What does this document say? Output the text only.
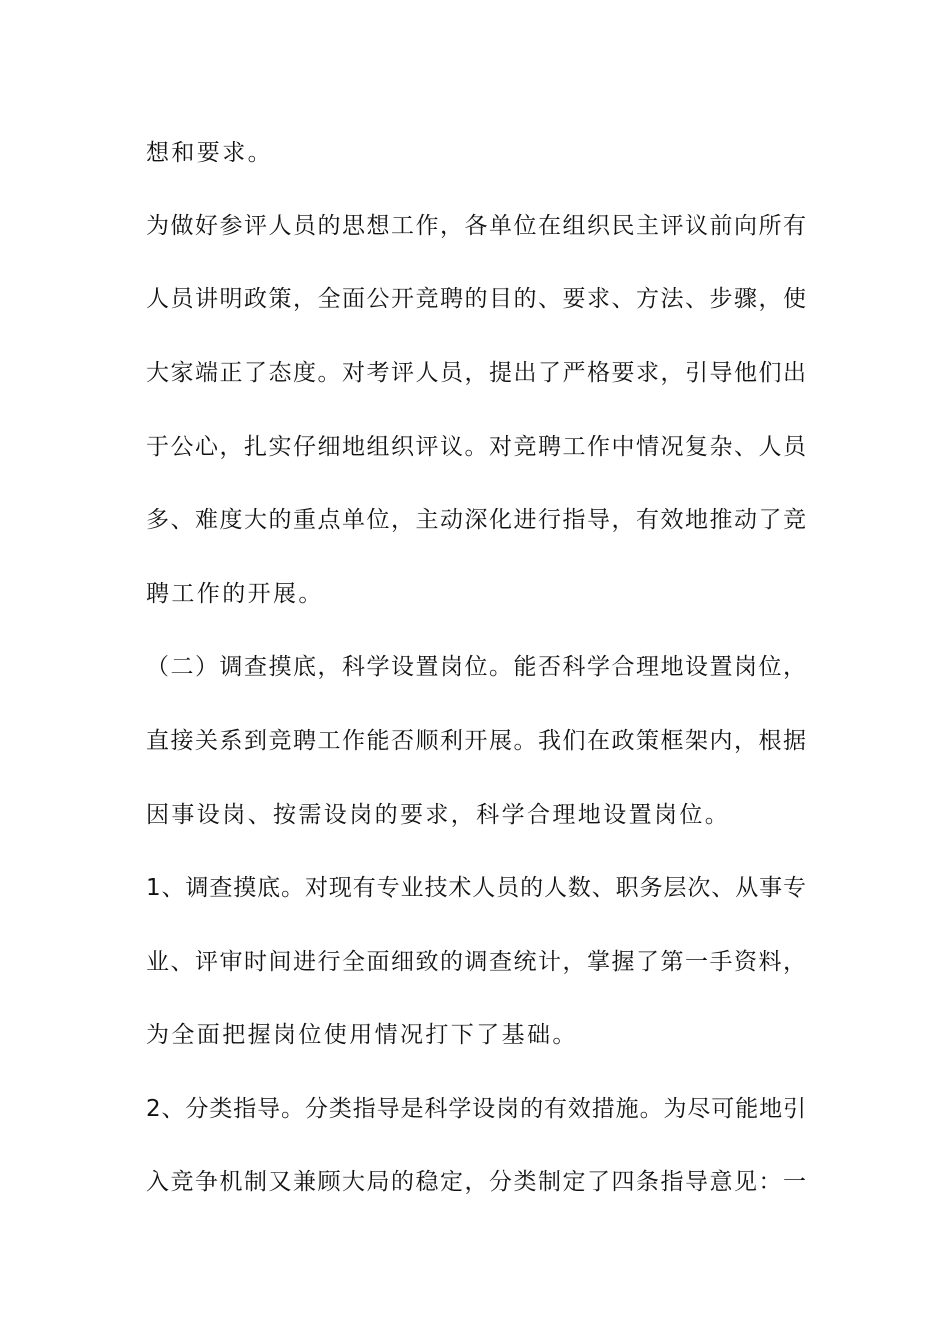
想和要求。
为做好参评人员的思想工作，各单位在组织民主评议前向所有
人员讲明政策，全面公开竞聘的目的、要求、方法、步骤，使
大家端正了态度。对考评人员，提出了严格要求，引导他们出
于公心，扎实仔细地组织评议。对竞聘工作中情况复杂、人员
多、难度大的重点单位，主动深化进行指导，有效地推动了竞
聘工作的开展。
（二）调查摸底，科学设置岗位。能否科学合理地设置岗位，
直接关系到竞聘工作能否顺利开展。我们在政策框架内，根据
因事设岗、按需设岗的要求，科学合理地设置岗位。
1、调查摸底。对现有专业技术人员的人数、职务层次、从事专
业、评审时间进行全面细致的调查统计，掌握了第一手资料，
为全面把握岗位使用情况打下了基础。
2、分类指导。分类指导是科学设岗的有效措施。为尽可能地引
入竞争机制又兼顾大局的稳定，分类制定了四条指导意见：一
